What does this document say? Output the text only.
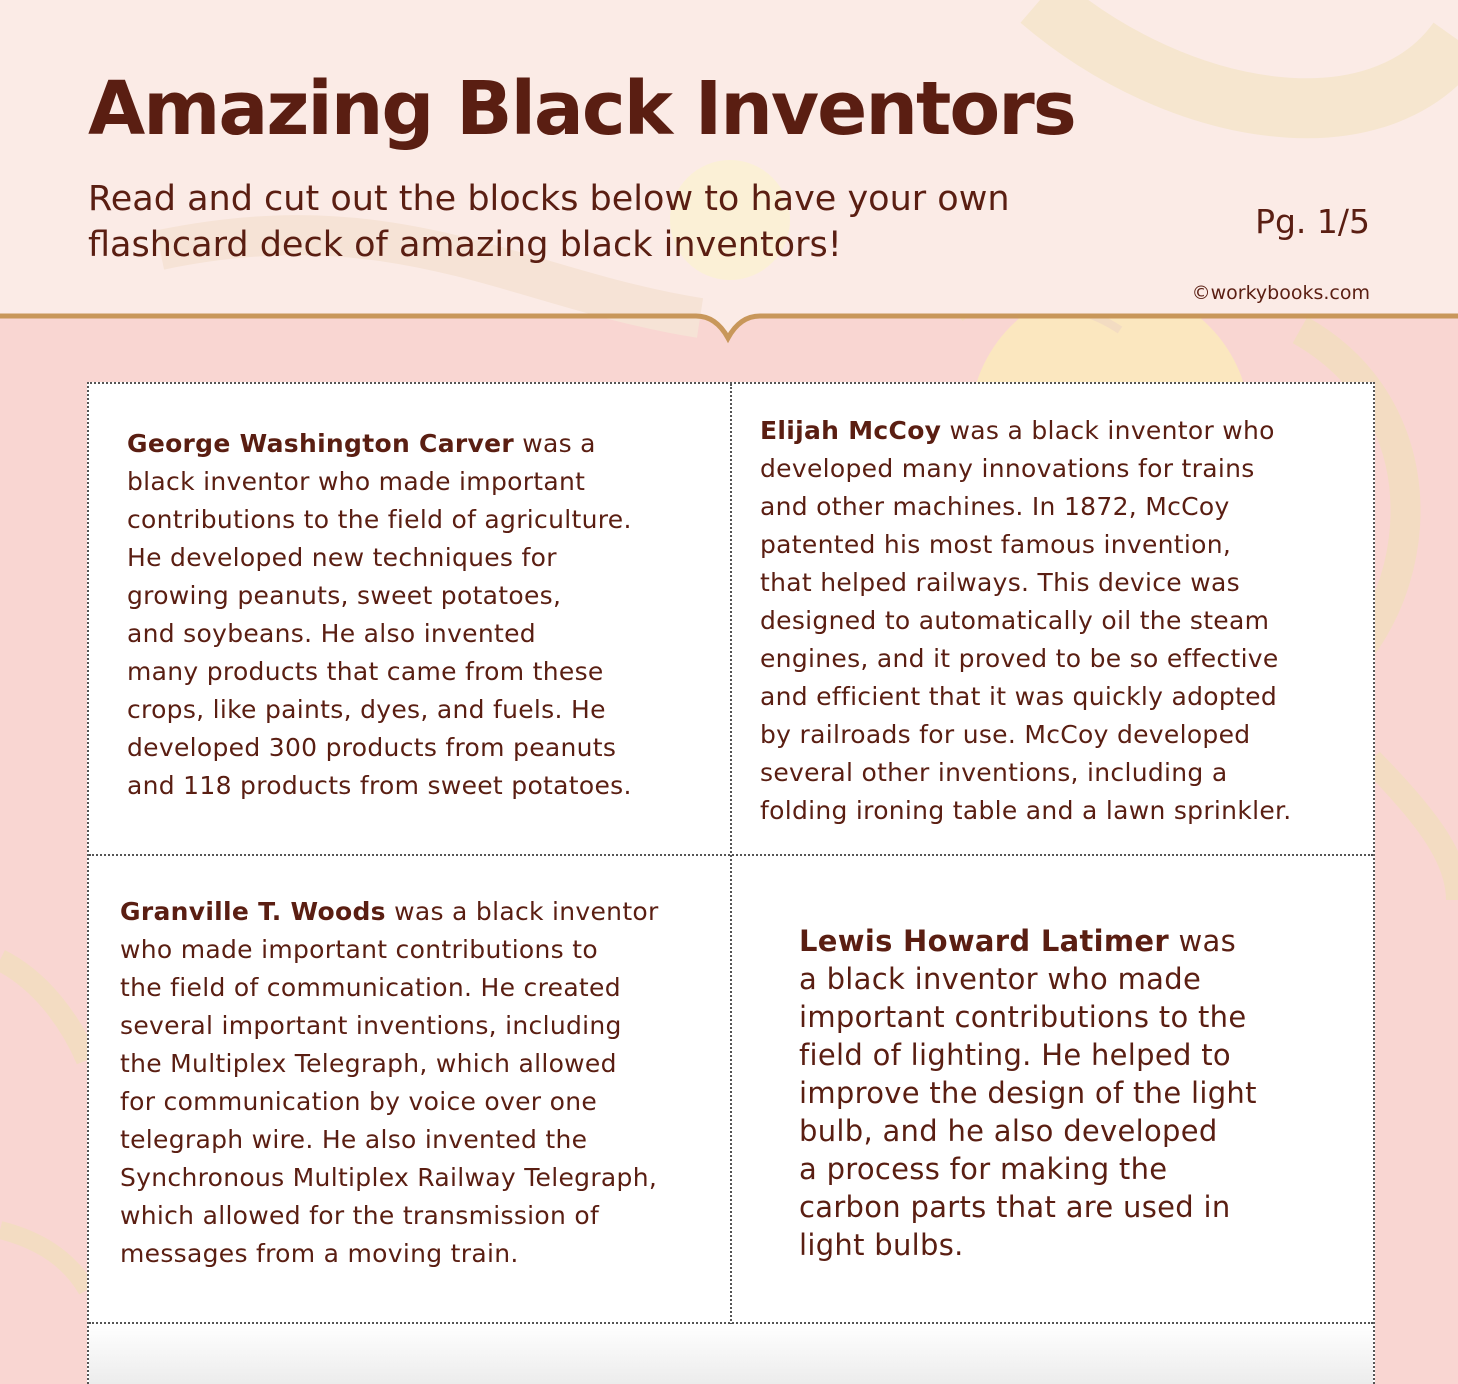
Amazing Black Inventors

Read and cut out the blocks below to have your own
flashcard deck of amazing black inventors!

Pg. 1/5
©workybooks.com

George Washington Carver was a
black inventor who made important
contributions to the field of agriculture.
He developed new techniques for
growing peanuts, sweet potatoes,
and soybeans. He also invented
many products that came from these
crops, like paints, dyes, and fuels. He
developed 300 products from peanuts
and 118 products from sweet potatoes.

Elijah McCoy was a black inventor who
developed many innovations for trains
and other machines. In 1872, McCoy
patented his most famous invention,
that helped railways. This device was
designed to automatically oil the steam
engines, and it proved to be so effective
and efficient that it was quickly adopted
by railroads for use. McCoy developed
several other inventions, including a
folding ironing table and a lawn sprinkler.

Granville T. Woods was a black inventor
who made important contributions to
the field of communication. He created
several important inventions, including
the Multiplex Telegraph, which allowed
for communication by voice over one
telegraph wire. He also invented the
Synchronous Multiplex Railway Telegraph,
which allowed for the transmission of
messages from a moving train.

Lewis Howard Latimer was
a black inventor who made
important contributions to the
field of lighting. He helped to
improve the design of the light
bulb, and he also developed
a process for making the
carbon parts that are used in
light bulbs.
